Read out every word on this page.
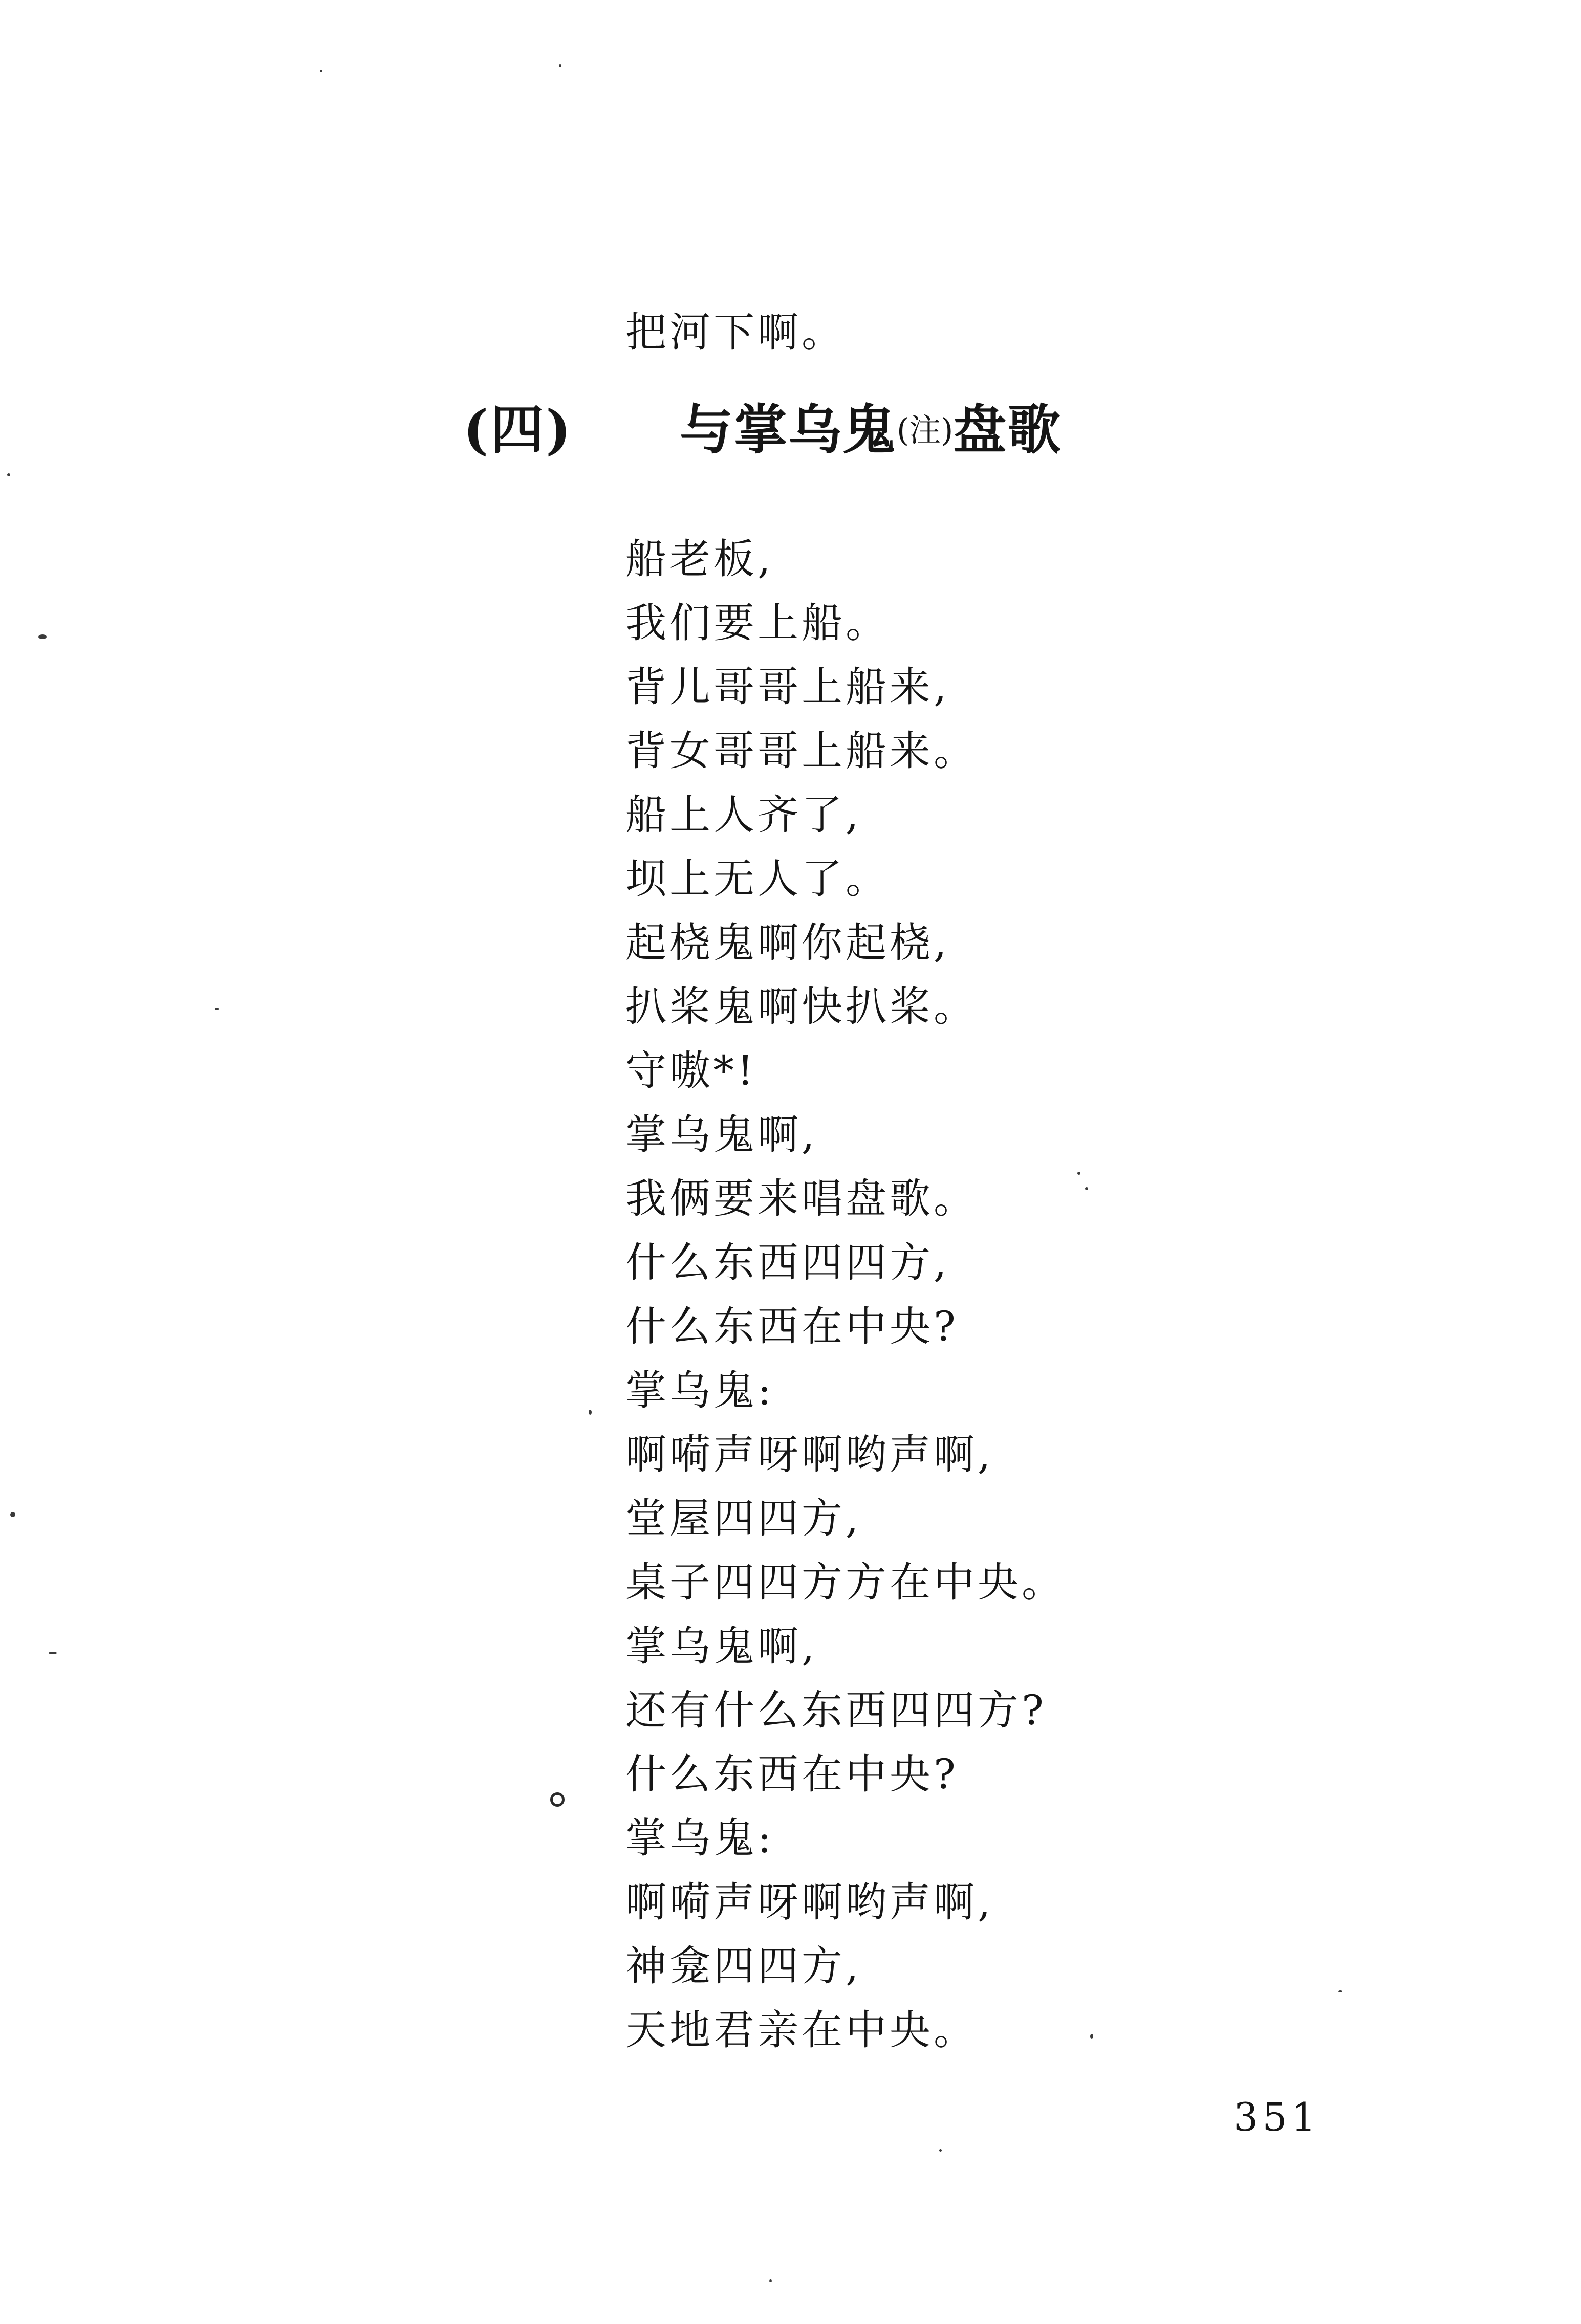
把河下啊。
(四) 与掌乌鬼(注)盘歌
船老板,
我们要上船。
背儿哥哥上船来,
背女哥哥上船来。
船上人齐了,
坝上无人了。
起桡鬼啊你起桡,
扒桨鬼啊快扒桨。
守嗷*!
掌乌鬼啊,
我俩要来唱盘歌。
什么东西四四方,
什么东西在中央?
掌乌鬼:
啊嗬声呀啊哟声啊,
堂屋四四方,
桌子四四方方在中央。
掌乌鬼啊,
还有什么东西四四方?
什么东西在中央?
掌乌鬼:
啊嗬声呀啊哟声啊,
神龛四四方,
天地君亲在中央。
351
